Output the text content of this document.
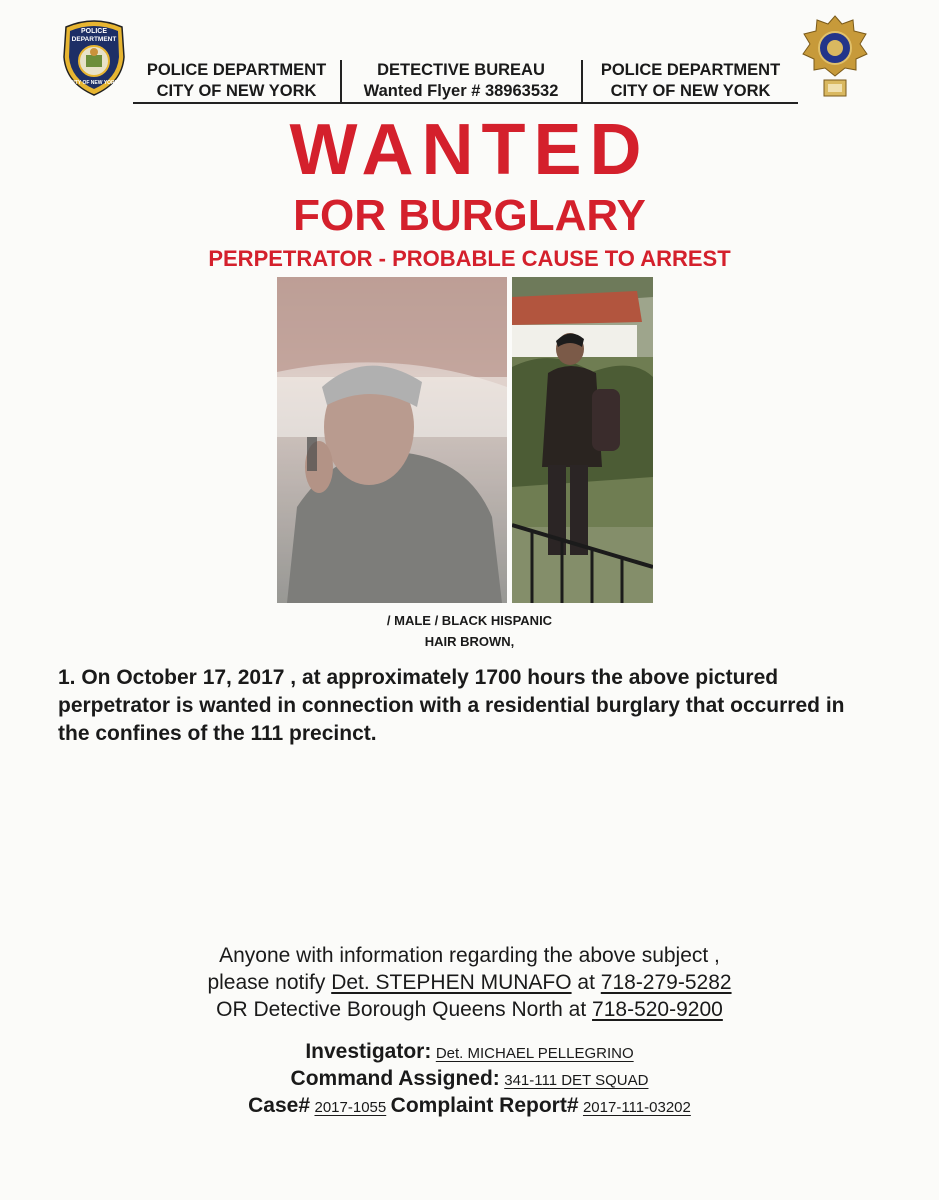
POLICE
DEPARTMENT
CITY OF NEW YORK
POLICE DEPARTMENT
CITY OF NEW YORK
DETECTIVE BUREAU
Wanted Flyer # 38963532
POLICE DEPARTMENT
CITY OF NEW YORK
WANTED
FOR BURGLARY
PERPETRATOR - PROBABLE CAUSE TO ARREST
/ MALE / BLACK HISPANIC
HAIR BROWN,
1. On October 17, 2017 , at approximately 1700 hours the above pictured perpetrator is wanted in connection with a residential burglary that occurred in the confines of the 111 precinct.
Anyone with information regarding the above subject ,
please notify Det. STEPHEN MUNAFO at 718-279-5282
OR Detective Borough Queens North at 718-520-9200
Investigator: Det. MICHAEL PELLEGRINO
Command Assigned: 341-111 DET SQUAD
Case# 2017-1055 Complaint Report# 2017-111-03202
